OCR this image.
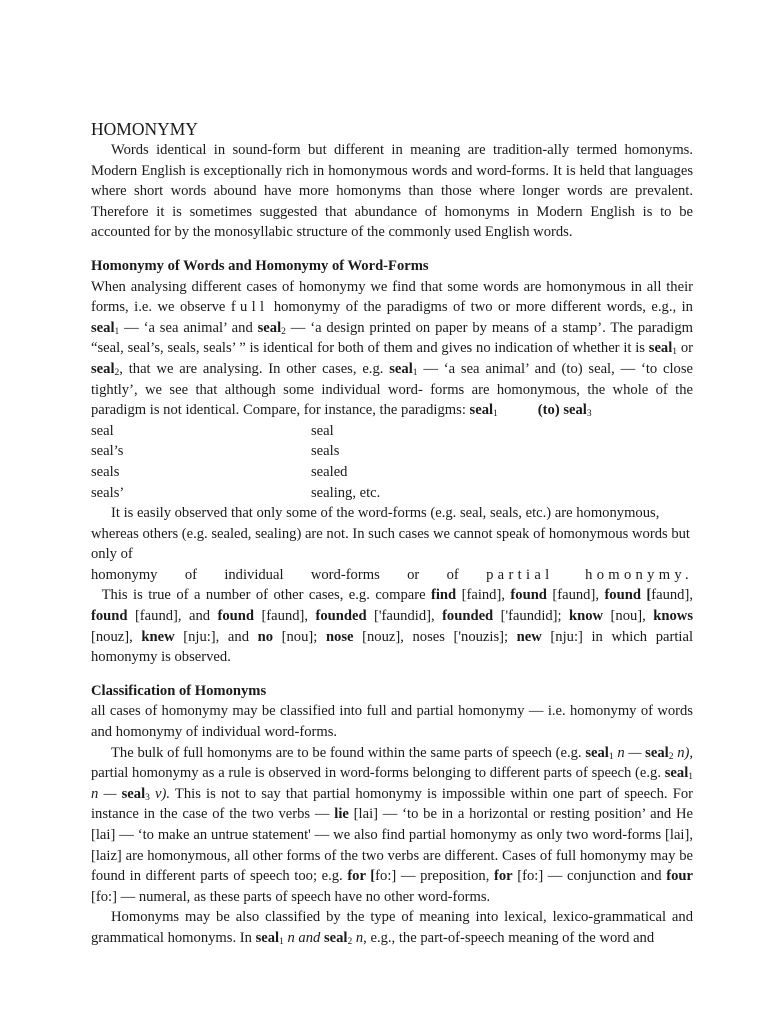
HOMONYMY

Words identical in sound-form but different in meaning are tradition-ally termed homonyms. Modern English is exceptionally rich in homonymous words and word-forms. It is held that languages where short words abound have more homonyms than those where longer words are prevalent. Therefore it is sometimes suggested that abundance of homonyms in Modern English is to be accounted for by the monosyllabic structure of the commonly used English words.

Homonymy of Words and Homonymy of Word-Forms

When analysing different cases of homonymy we find that some words are homonymous in all their forms, i.e. we observe full homonymy of the paradigms of two or more different words, e.g., in seal$_1$ — ‘a sea animal’ and seal$_2$ — ‘a design printed on paper by means of a stamp’. The paradigm “seal, seal’s, seals, seals’ ” is identical for both of them and gives no indication of whether it is seal$_1$ or seal$_2$, that we are analysing. In other cases, e.g. seal$_1$ — ‘a sea animal’ and (to) seal, — ‘to close tightly’, we see that although some individual word- forms are homonymous, the whole of the paradigm is not identical. Compare, for instance, the paradigms: seal$_1$	(to) seal$_3$

seal	seal
seal’s	seals
seals	sealed
seals’	sealing, etc.

It is easily observed that only some of the word-forms (e.g. seal, seals, etc.) are homonymous, whereas others (e.g. sealed, sealing) are not. In such cases we cannot speak of homonymous words but only of

homonymy of individual word-forms or of partial homonymy.  This is true of a number of other cases, e.g. compare find [faind], found [faund], found [faund], found [faund], and found [faund], founded ['faundid], founded ['faundid]; know [nou], knows [nouz], knew [nju:], and no [nou]; nose [nouz], noses ['nouzis]; new [nju:] in which partial homonymy is observed.

Classification of Homonyms

all cases of homonymy may be classified into full and partial homonymy — i.e. homonymy of words and homonymy of individual word-forms.

The bulk of full homonyms are to be found within the same parts of speech (e.g. seal$_1$ n — seal$_2$ n), partial homonymy as a rule is observed in word-forms belonging to different parts of speech (e.g. seal$_1$ n — seal$_3$ v). This is not to say that partial homonymy is impossible within one part of speech. For instance in the case of the two verbs — lie [lai] — ‘to be in a horizontal or resting position’ and He [lai] — ‘to make an untrue statement' — we also find partial homonymy as only two word-forms [lai], [laiz] are homonymous, all other forms of the two verbs are different. Cases of full homonymy may be found in different parts of speech too; e.g. for [fo:] — preposition, for [fo:] — conjunction and four [fo:] — numeral, as these parts of speech have no other word-forms.

Homonyms may be also classified by the type of meaning into lexical, lexico-grammatical and grammatical homonyms. In seal$_1$ n and seal$_2$ n, e.g., the part-of-speech meaning of the word and
